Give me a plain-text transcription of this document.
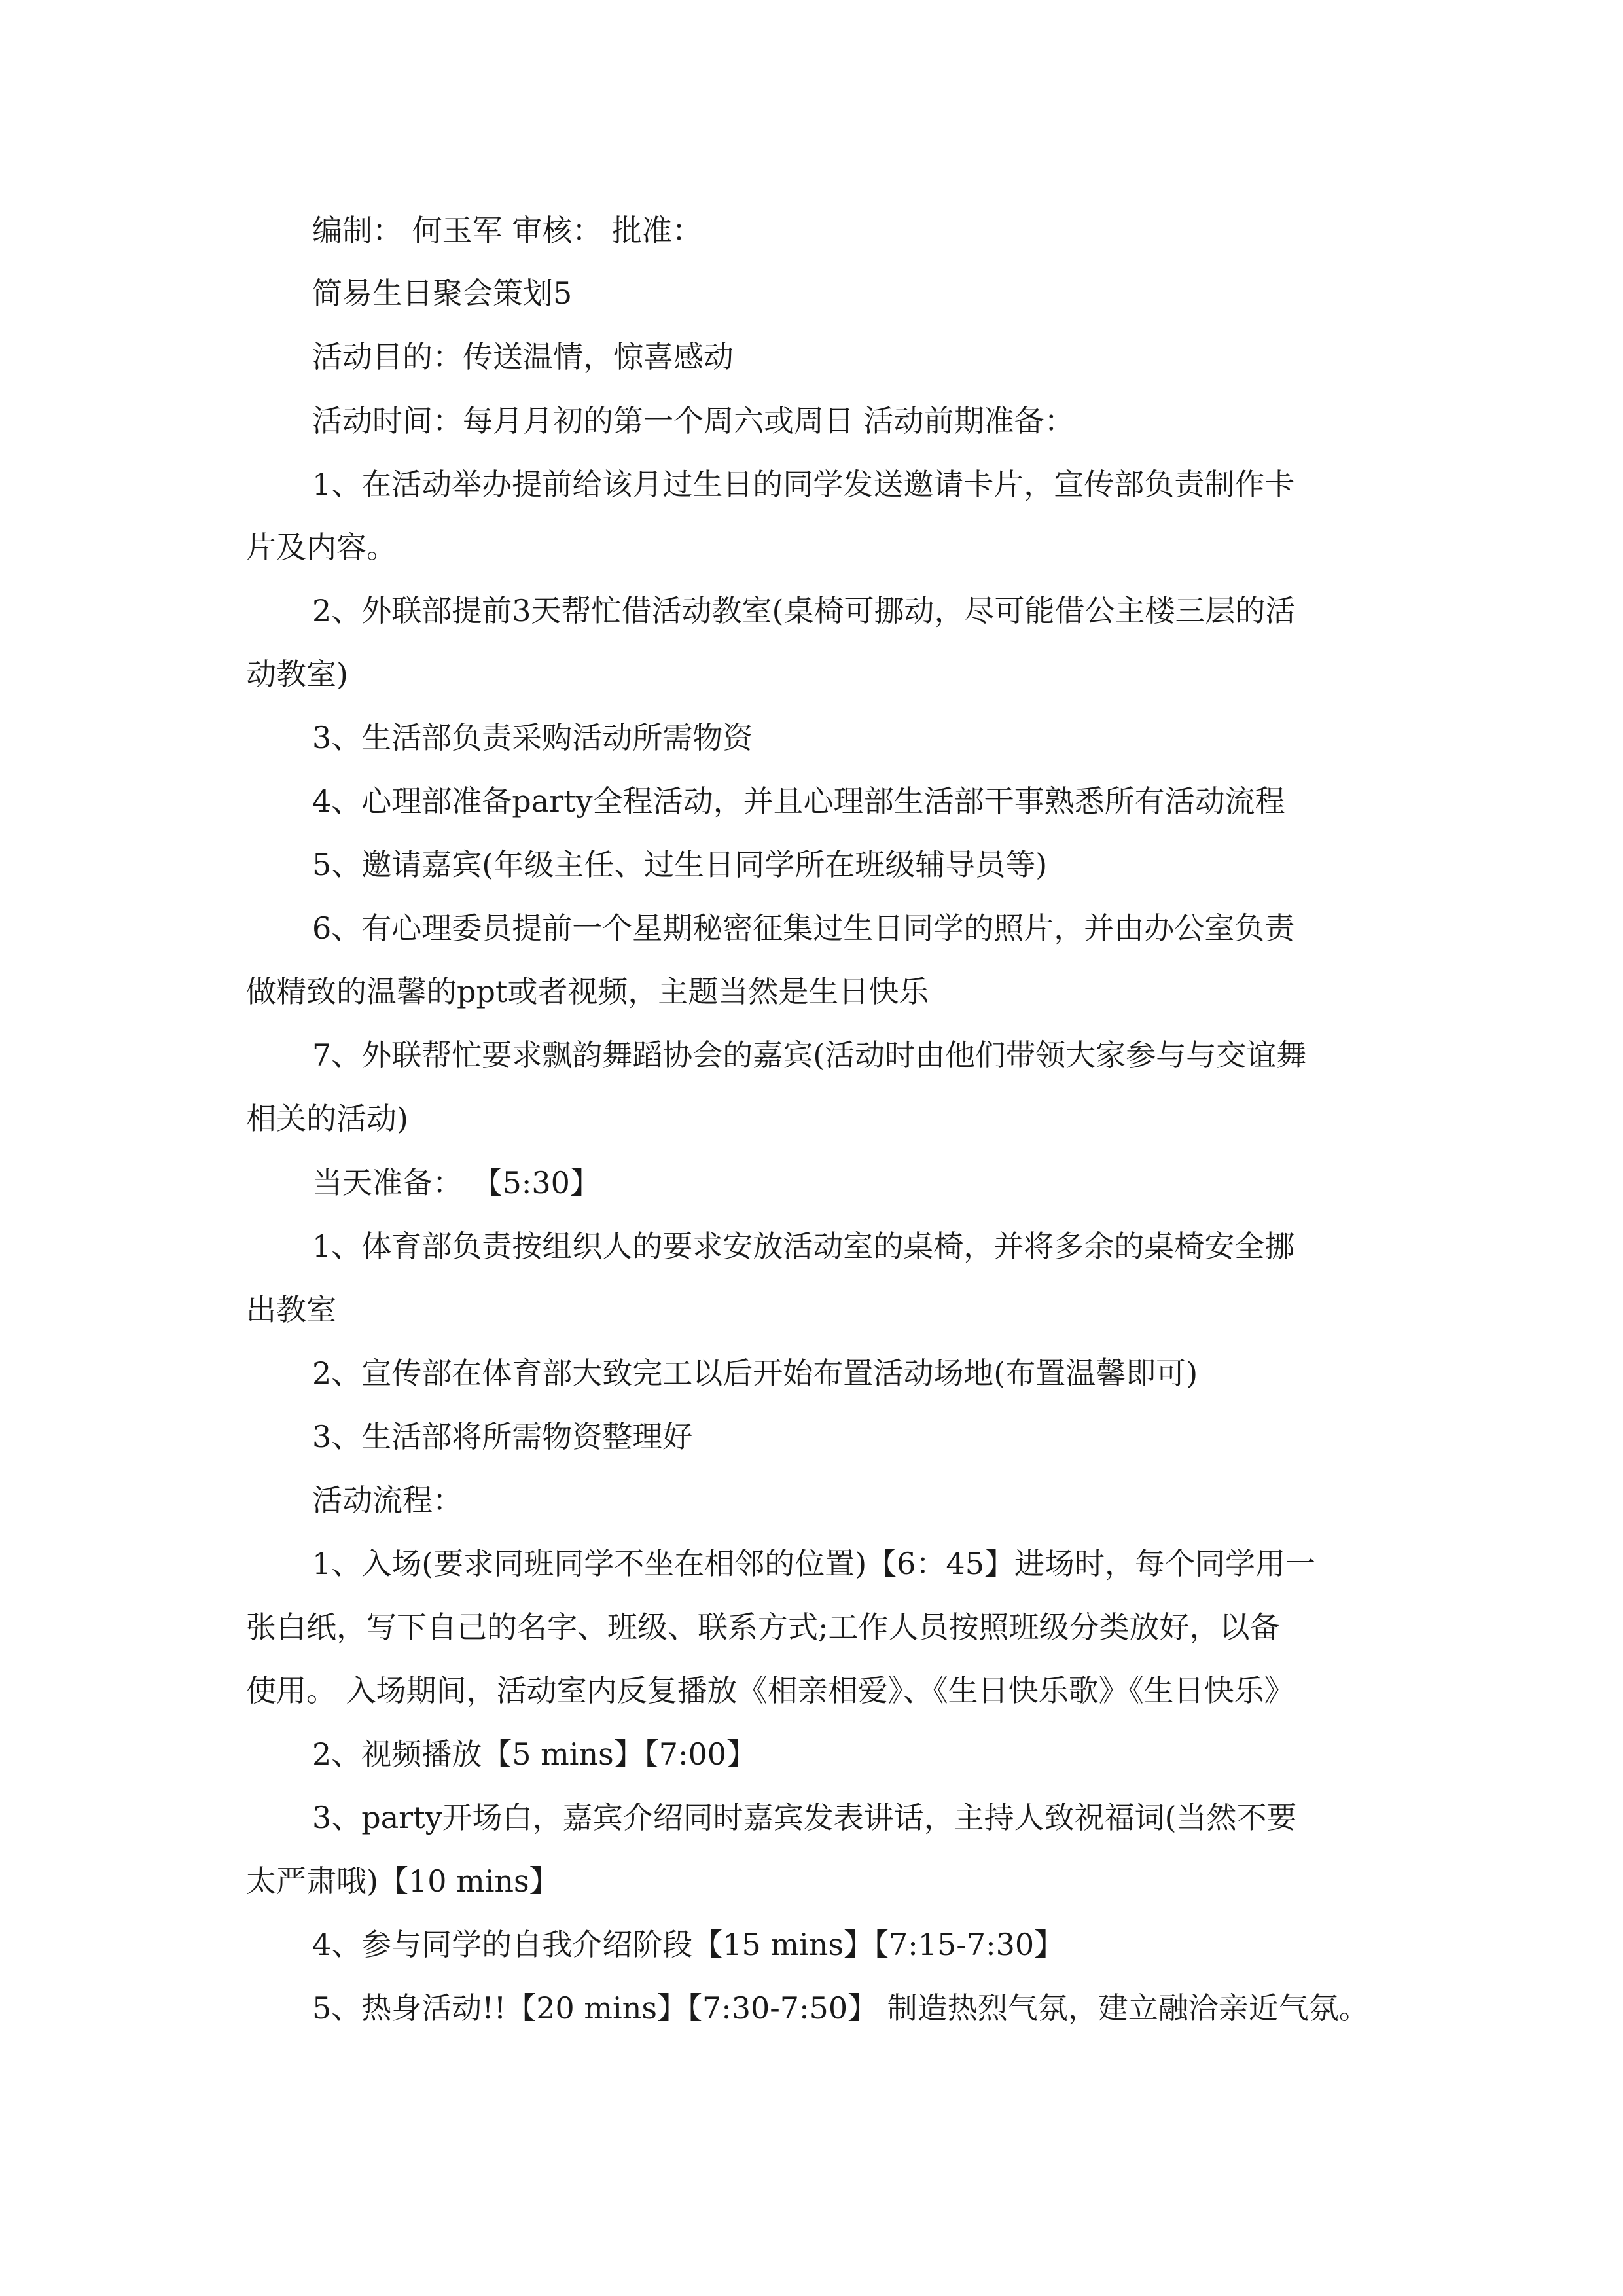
编制： 何玉军 审核： 批准：
简易生日聚会策划5
活动目的：传送温情，惊喜感动
活动时间：每月月初的第一个周六或周日 活动前期准备：
1、在活动举办提前给该月过生日的同学发送邀请卡片，宣传部负责制作卡
片及内容。
2、外联部提前3天帮忙借活动教室(桌椅可挪动，尽可能借公主楼三层的活
动教室)
3、生活部负责采购活动所需物资
4、心理部准备party全程活动，并且心理部生活部干事熟悉所有活动流程
5、邀请嘉宾(年级主任、过生日同学所在班级辅导员等)
6、有心理委员提前一个星期秘密征集过生日同学的照片，并由办公室负责
做精致的温馨的ppt或者视频，主题当然是生日快乐
7、外联帮忙要求飘韵舞蹈协会的嘉宾(活动时由他们带领大家参与与交谊舞
相关的活动)
当天准备： 【5:30】
1、体育部负责按组织人的要求安放活动室的桌椅，并将多余的桌椅安全挪
出教室
2、宣传部在体育部大致完工以后开始布置活动场地(布置温馨即可)
3、生活部将所需物资整理好
活动流程：
1、入场(要求同班同学不坐在相邻的位置)【6：45】进场时，每个同学用一
张白纸，写下自己的名字、班级、联系方式;工作人员按照班级分类放好，以备
使用。 入场期间，活动室内反复播放《相亲相爱》、《生日快乐歌》《生日快乐》
2、视频播放【5 mins】【7:00】
3、party开场白，嘉宾介绍同时嘉宾发表讲话，主持人致祝福词(当然不要
太严肃哦)【10 mins】
4、参与同学的自我介绍阶段【15 mins】【7:15-7:30】
5、热身活动!!【20 mins】【7:30-7:50】 制造热烈气氛，建立融洽亲近气氛。
